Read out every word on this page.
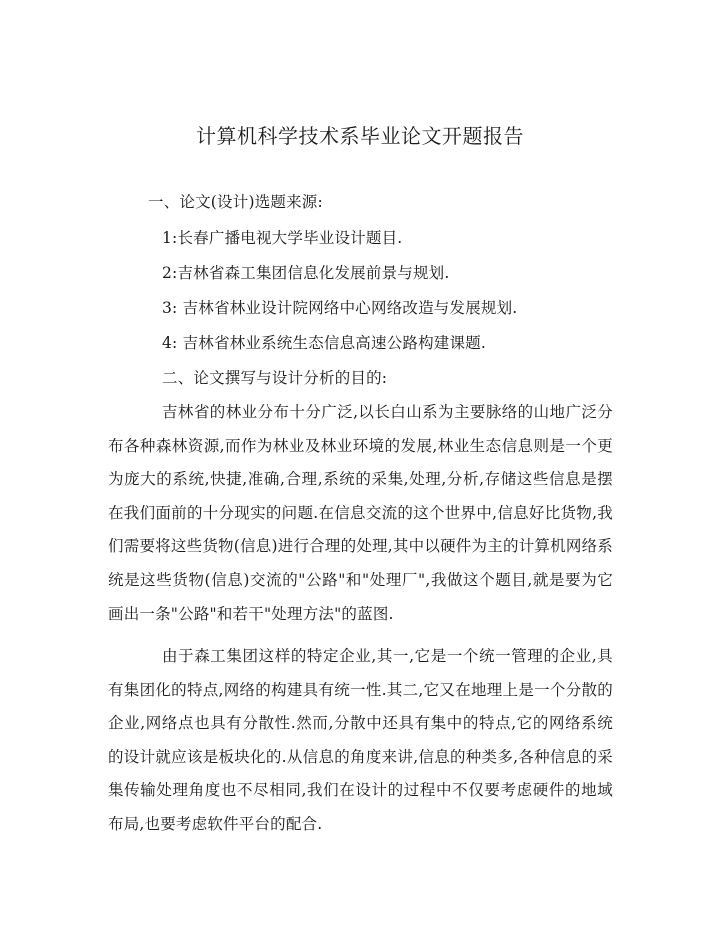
计算机科学技术系毕业论文开题报告
一、论文(设计)选题来源:
1:长春广播电视大学毕业设计题目.
2:吉林省森工集团信息化发展前景与规划.
3: 吉林省林业设计院网络中心网络改造与发展规划.
4: 吉林省林业系统生态信息高速公路构建课题.
二、论文撰写与设计分析的目的:
吉林省的林业分布十分广泛,以长白山系为主要脉络的山地广泛分布各种森林资源,而作为林业及林业环境的发展,林业生态信息则是一个更为庞大的系统,快捷,准确,合理,系统的采集,处理,分析,存储这些信息是摆在我们面前的十分现实的问题.在信息交流的这个世界中,信息好比货物,我们需要将这些货物(信息)进行合理的处理,其中以硬件为主的计算机网络系统是这些货物(信息)交流的"公路"和"处理厂",我做这个题目,就是要为它画出一条"公路"和若干"处理方法"的蓝图.
由于森工集团这样的特定企业,其一,它是一个统一管理的企业,具有集团化的特点,网络的构建具有统一性.其二,它又在地理上是一个分散的企业,网络点也具有分散性.然而,分散中还具有集中的特点,它的网络系统的设计就应该是板块化的.从信息的角度来讲,信息的种类多,各种信息的采集传输处理角度也不尽相同,我们在设计的过程中不仅要考虑硬件的地域布局,也要考虑软件平台的配合.
